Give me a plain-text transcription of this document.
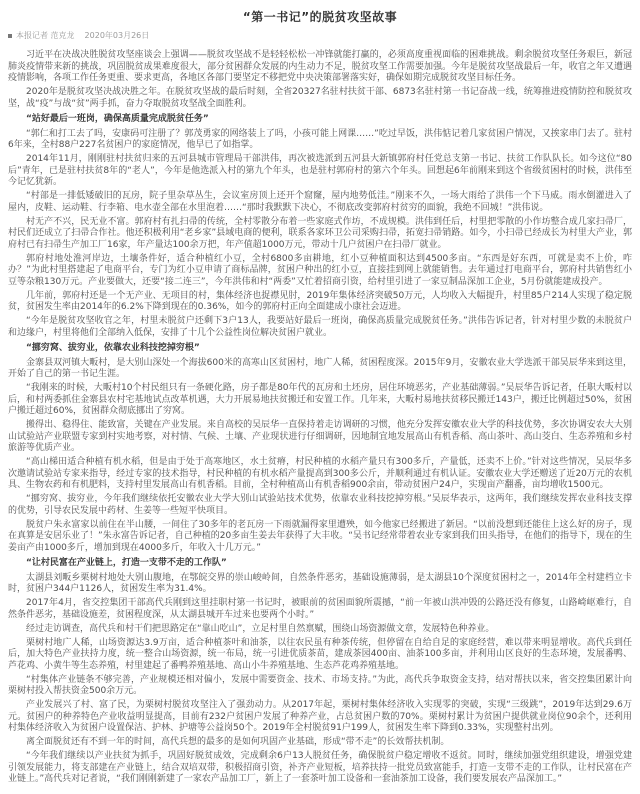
“第一书记”的脱贫攻坚故事
本报记者 范克龙 2020年03月26日

习近平在决战决胜脱贫攻坚座谈会上强调——脱贫攻坚战不是轻轻松松一冲锋就能打赢的，必须高度重视面临的困难挑战。剩余脱贫攻坚任务艰巨，新冠肺炎疫情带来新的挑战，巩固脱贫成果难度很大，部分贫困群众发展的内生动力不足，脱贫攻坚工作需要加强。今年是脱贫攻坚战最后一年，收官之年又遭遇疫情影响，各项工作任务更重、要求更高，各地区各部门要坚定不移把党中央决策部署落实好，确保如期完成脱贫攻坚目标任务。

2020年是脱贫攻坚决战决胜之年。在脱贫攻坚战的最后时刻，全省20327名驻村扶贫干部、6873名驻村第一书记奋战一线，统筹推进疫情防控和脱贫攻坚，战“疫”与战“贫”两手抓，奋力夺取脱贫攻坚战全面胜利。

“站好最后一班岗，确保高质量完成脱贫任务”

“郭仁和打工去了吗，安康码可注册了？郭茂勇家的网络装上了吗，小孩可能上网课……”吃过早饭，洪伟惦记着几家贫困户情况，又挨家串门去了。驻村6年来，全村88户227名贫困户的家庭情况，他早已了如指掌。

2014年11月，刚刚驻村扶贫归来的五河县城市管理局干部洪伟，再次被选派到五河县大新镇郭府村任党总支第一书记、扶贫工作队队长。如今这位“80后”青年，已是驻村扶贫8年的“老人”，今年是他选派入村的第九个年头，也是驻村郭府村的第六个年头。回想起6年前刚来到这个省级贫困村的时候，洪伟至今记忆犹新。

“村部是一排低矮破旧的瓦房，院子里杂草丛生，会议室房顶上还开个窟窿，屋内地势低洼。”刚来不久，一场大雨给了洪伟一个下马威。雨水倒灌进入了屋内，皮鞋、运动鞋、行李箱、电水壶全部在水里泡着……“那时我默默下决心，不彻底改变郭府村贫穷的面貌，我绝不回城！”洪伟说。

村无产不兴，民无业不富。郭府村有扎扫帚的传统，全村零散分布着一些家庭式作坊，不成规模。洪伟到任后，村里把零散的小作坊整合成几家扫帚厂，村民们还成立了扫帚合作社。他还积极利用“老乡家”县域电商的便利，联系各家环卫公司采购扫帚，拓宽扫帚销路。如今，小扫帚已经成长为村里大产业，郭府村已有扫帚生产加工厂16家，年产量达100余万把，年产值超1000万元，带动十几户贫困户在扫帚厂就业。

郭府村地处淮河岸边，土壤条件好，适合种植红小豆，全村6800多亩耕地，红小豆种植面积达到4500多亩。“东西是好东西，可就是卖不上价，咋办？”为此村里搭建起了电商平台，专门为红小豆申请了商标品牌，贫困户种出的红小豆，直接挂到网上就能销售。去年通过打电商平台，郭府村共销售红小豆等杂粮130万元。产业要做大，还要“接二连三”，今年洪伟和村“两委”又忙着招商引资，给村里引进了一家豆制品深加工企业，5月份就能建成投产。

几年前，郭府村还是一个无产业、无项目的村，集体经济也捉襟见肘，2019年集体经济突破50万元，人均收入大幅提升，村里85户214人实现了稳定脱贫，贫困发生率由2014年的6.2%下降到现在的0.36%，如今的郭府村正向全面建成小康社会迈进。

“今年是脱贫攻坚收官之年，村里未脱贫户还剩下3户13人，我要站好最后一班岗，确保高质量完成脱贫任务。”洪伟告诉记者，针对村里少数的未脱贫户和边缘户，村里将他们全部纳入低保，安排了十几个公益性岗位解决贫困户就业。

“挪穷窝、拔穷业，依靠农业科技挖掉穷根”

金寨县双河镇大畈村，是大别山深处一个海拔600米的高寒山区贫困村，地广人稀，贫困程度深。2015年9月，安徽农业大学选派干部吴辰华来到这里，开始了自己的第一书记生涯。

“我刚来的时候，大畈村10个村民组只有一条硬化路，房子都是80年代的瓦房和土坯房，居住环境恶劣，产业基础薄弱。”吴辰华告诉记者，任职大畈村以后，和村两委抓住金寨县农村宅基地试点改革机遇，大力开展易地扶贫搬迁和安置工作。几年来，大畈村易地扶贫移民搬迁143户，搬迁比例超过50%，贫困户搬迁超过60%，贫困群众彻底挪出了穷窝。

搬得出、稳得住、能致富，关键在产业发展。来自高校的吴辰华一直保持着走访调研的习惯，他充分发挥安徽农业大学的科技优势，多次协调安农大大别山试验站产业联盟专家到村实地考察，对村情、气候、土壤、产业现状进行仔细调研，因地制宜地发展高山有机香稻、高山茶叶、高山茭白、生态养殖和乡村旅游等优质产业。

“高山梯田适合种植有机水稻，但是由于处于高寒地区，水土贫瘠，村民种植的水稻产量只有300多斤，产量低，还卖不上价。”针对这些情况，吴辰华多次邀请试验站专家来指导，经过专家的技术指导，村民种植的有机水稻产量提高到300多公斤，并顺利通过有机认证。安徽农业大学还赠送了近20万元的农机具、生物农药和有机肥料，支持村里发展高山有机香稻。目前，全村种植高山有机香稻900余亩，带动贫困户24户，实现亩产翻番，亩均增收1500元。

“挪穷窝、拔穷业，今年我们继续依托安徽农业大学大别山试验站技术优势，依靠农业科技挖掉穷根。”吴辰华表示，这两年，我们继续发挥农业科技支撑的优势，引导农民发展中药材、生姜等一些短平快项目。

脱贫户朱永富家以前住在半山腰，一间住了30多年的老瓦房一下雨就漏得家里遭殃，如今他家已经搬进了新居。“以前没想到还能住上这么好的房子，现在真算是安居乐业了！”朱永富告诉记者，自己种植的20多亩生姜去年获得了大丰收。“吴书记经常带着农业专家到我们田头指导，在他们的指导下，现在的生姜亩产由1000多斤，增加到现在4000多斤，年收入十几万元。”

“让村民富在产业链上，打造一支带不走的工作队”

太湖县刘畈乡栗树村地处大别山腹地，在鄂皖交界的崇山峻岭间，自然条件恶劣，基础设施薄弱，是太湖县10个深度贫困村之一，2014年全村建档立卡时，贫困户344户1126人，贫困发生率为31.4%。

2017年4月，省交控集团干部高代兵刚到这里挂职村第一书记时，被眼前的贫困面貌所震撼，“前一年被山洪冲毁的公路还没有修复，山路崎岖难行，自然条件恶劣，基础设施差，贫困程度深，从太湖县城开车过来也要两个小时。”

经过走访调查，高代兵和村干们把思路定在“靠山吃山”，立足村里自然禀赋，围绕山场资源做文章，发展特色种养业。

栗树村地广人稀，山场资源达3.9万亩，适合种植茶叶和油茶，以往农民虽有种茶传统，但停留在自给自足的家庭经营，难以带来明显增收。高代兵到任后，加大特色产业扶持力度，统一整合山场资源，统一布局，统一引进优质茶苗，建成茶园400亩、油茶100多亩，并利用山区良好的生态环境，发展番鸭、芦花鸡、小黄牛等生态养殖，村里建起了番鸭养殖基地、高山小牛养殖基地、生态芦花鸡养殖基地。

“村集体产业链条不够完善，产业规模还相对偏小，发展中需要资金、技术、市场支持。”为此，高代兵争取资金支持，结对帮扶以来，省交控集团累计向栗树村投入帮扶资金500余万元。

产业发展兴了村、富了民，为栗树村脱贫攻坚注入了强劲动力。从2017年起，栗树村集体经济收入实现零的突破，实现“三级跳”，2019年达到29.6万元。贫困户的种养特色产业收益明显提高，目前有232户贫困户发展了种养产业，占总贫困户数的70%。栗树村累计为贫困户提供就业岗位90余个，还利用村集体经济收入为贫困户设置保洁、护林、护塘等公益岗50个。2019年全村脱贫91户199人，贫困发生率下降到0.33%，实现整村出列。

离全面脱贫还有不到一年的时间，高代兵想的最多的是如何巩固产业基础，形成“带不走”的长效帮扶机制。

“今年我们继续以产业扶贫为抓手，巩固好脱贫成效，完成剩余6户13人脱贫任务，确保脱贫户稳定增收不返贫。同时，继续加强党组织建设，增强党建引领发展能力，将支部建在产业链上，结合双培双带，积极招商引资，补齐产业短板，培养扶持一批党员致富能手，打造一支带不走的工作队，让村民富在产业链上。”高代兵对记者说，“我们刚刚新建了一家农产品加工厂，新上了一套茶叶加工设备和一套油茶加工设备，我们要发展农产品深加工。”
